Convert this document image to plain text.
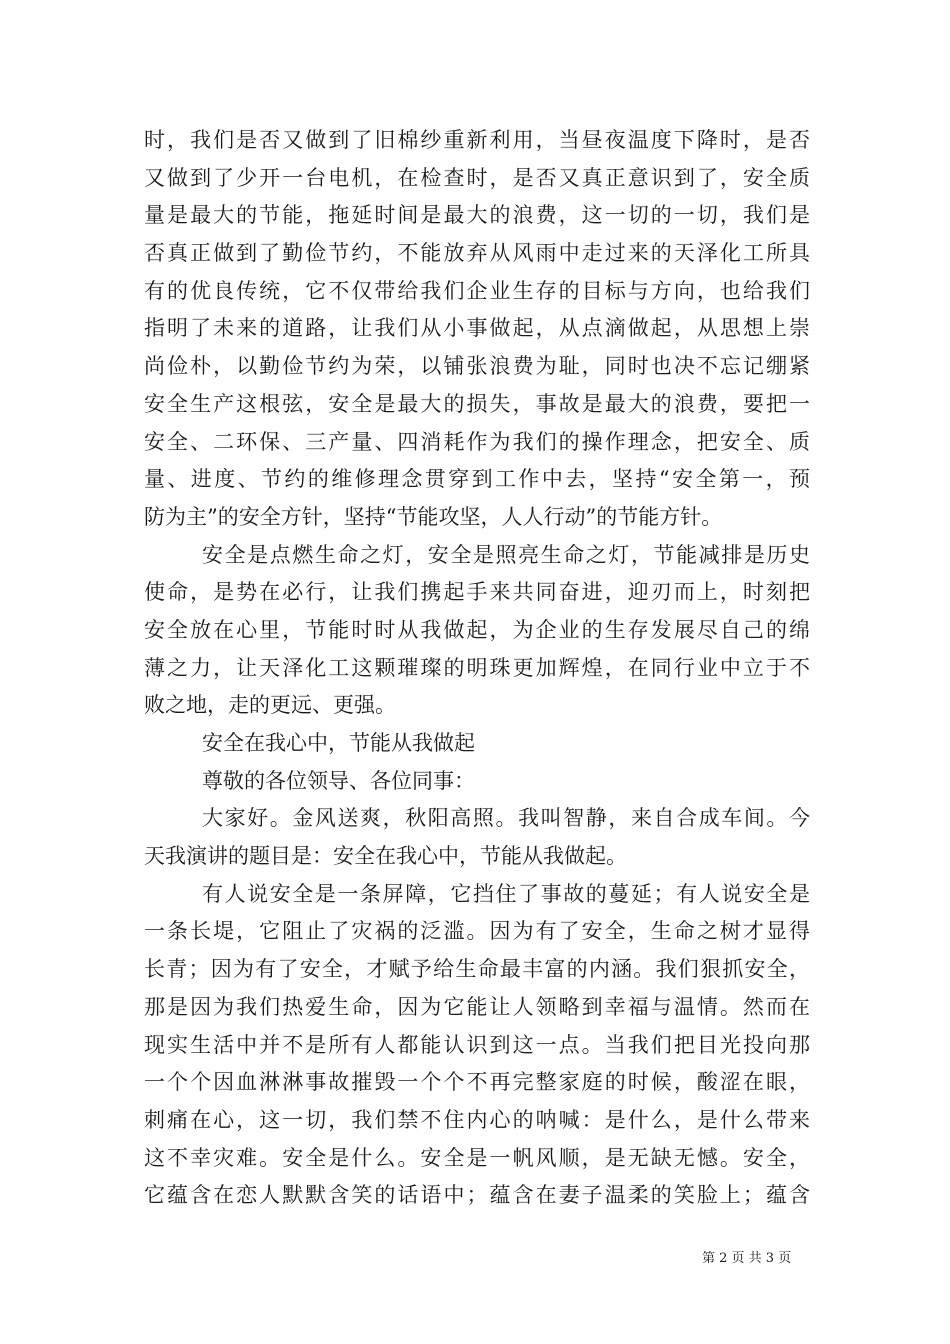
时，我们是否又做到了旧棉纱重新利用，当昼夜温度下降时，是否
又做到了少开一台电机，在检查时，是否又真正意识到了，安全质
量是最大的节能，拖延时间是最大的浪费，这一切的一切，我们是
否真正做到了勤俭节约，不能放弃从风雨中走过来的天泽化工所具
有的优良传统，它不仅带给我们企业生存的目标与方向，也给我们
指明了未来的道路，让我们从小事做起，从点滴做起，从思想上崇
尚俭朴，以勤俭节约为荣，以铺张浪费为耻，同时也决不忘记绷紧
安全生产这根弦，安全是最大的损失，事故是最大的浪费，要把一
安全、二环保、三产量、四消耗作为我们的操作理念，把安全、质
量、进度、节约的维修理念贯穿到工作中去，坚持“安全第一，预
防为主”的安全方针，坚持“节能攻坚，人人行动”的节能方针。
安全是点燃生命之灯，安全是照亮生命之灯，节能减排是历史
使命，是势在必行，让我们携起手来共同奋进，迎刃而上，时刻把
安全放在心里，节能时时从我做起，为企业的生存发展尽自己的绵
薄之力，让天泽化工这颗璀璨的明珠更加辉煌，在同行业中立于不
败之地，走的更远、更强。
安全在我心中，节能从我做起
尊敬的各位领导、各位同事：
大家好。金风送爽，秋阳高照。我叫智静，来自合成车间。今
天我演讲的题目是：安全在我心中，节能从我做起。
有人说安全是一条屏障，它挡住了事故的蔓延；有人说安全是
一条长堤，它阻止了灾祸的泛滥。因为有了安全，生命之树才显得
长青；因为有了安全，才赋予给生命最丰富的内涵。我们狠抓安全，
那是因为我们热爱生命，因为它能让人领略到幸福与温情。然而在
现实生活中并不是所有人都能认识到这一点。当我们把目光投向那
一个个因血淋淋事故摧毁一个个不再完整家庭的时候，酸涩在眼，
刺痛在心，这一切，我们禁不住内心的呐喊：是什么，是什么带来
这不幸灾难。安全是什么。安全是一帆风顺，是无缺无憾。安全，
它蕴含在恋人默默含笑的话语中；蕴含在妻子温柔的笑脸上；蕴含
第 2 页 共 3 页
